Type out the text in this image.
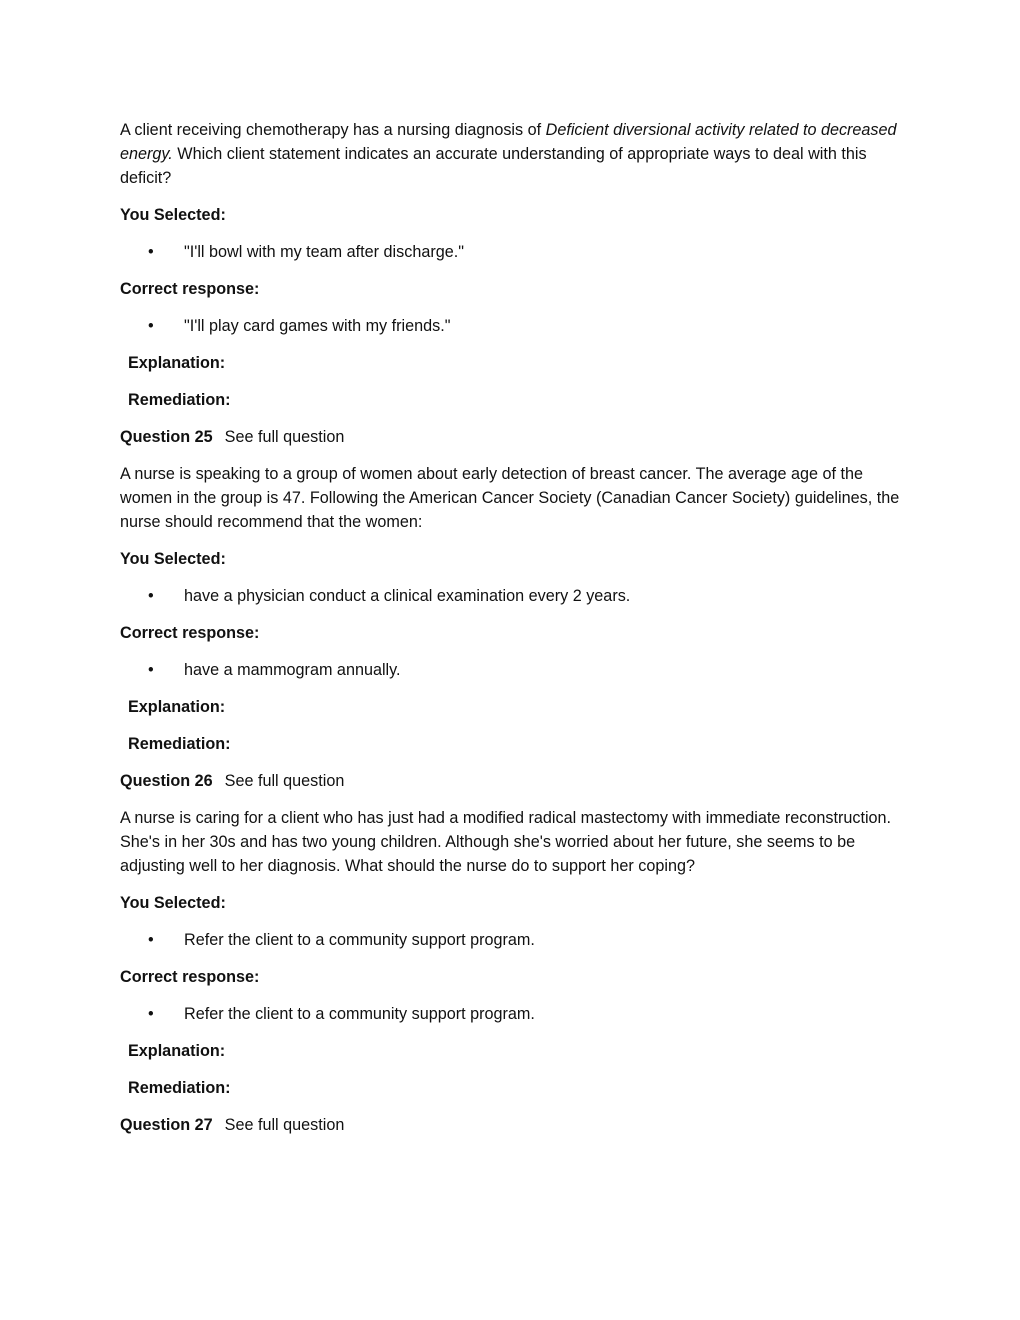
A client receiving chemotherapy has a nursing diagnosis of Deficient diversional activity related to decreased energy. Which client statement indicates an accurate understanding of appropriate ways to deal with this deficit?

You Selected:
•	"I'll bowl with my team after discharge."
Correct response:
•	"I'll play card games with my friends."
Explanation:
Remediation:
Question 25 See full question

A nurse is speaking to a group of women about early detection of breast cancer. The average age of the women in the group is 47. Following the American Cancer Society (Canadian Cancer Society) guidelines, the nurse should recommend that the women:

You Selected:
•	have a physician conduct a clinical examination every 2 years.
Correct response:
•	have a mammogram annually.
Explanation:
Remediation:
Question 26 See full question

A nurse is caring for a client who has just had a modified radical mastectomy with immediate reconstruction. She's in her 30s and has two young children. Although she's worried about her future, she seems to be adjusting well to her diagnosis. What should the nurse do to support her coping?

You Selected:
•	Refer the client to a community support program.
Correct response:
•	Refer the client to a community support program.
Explanation:
Remediation:
Question 27 See full question
